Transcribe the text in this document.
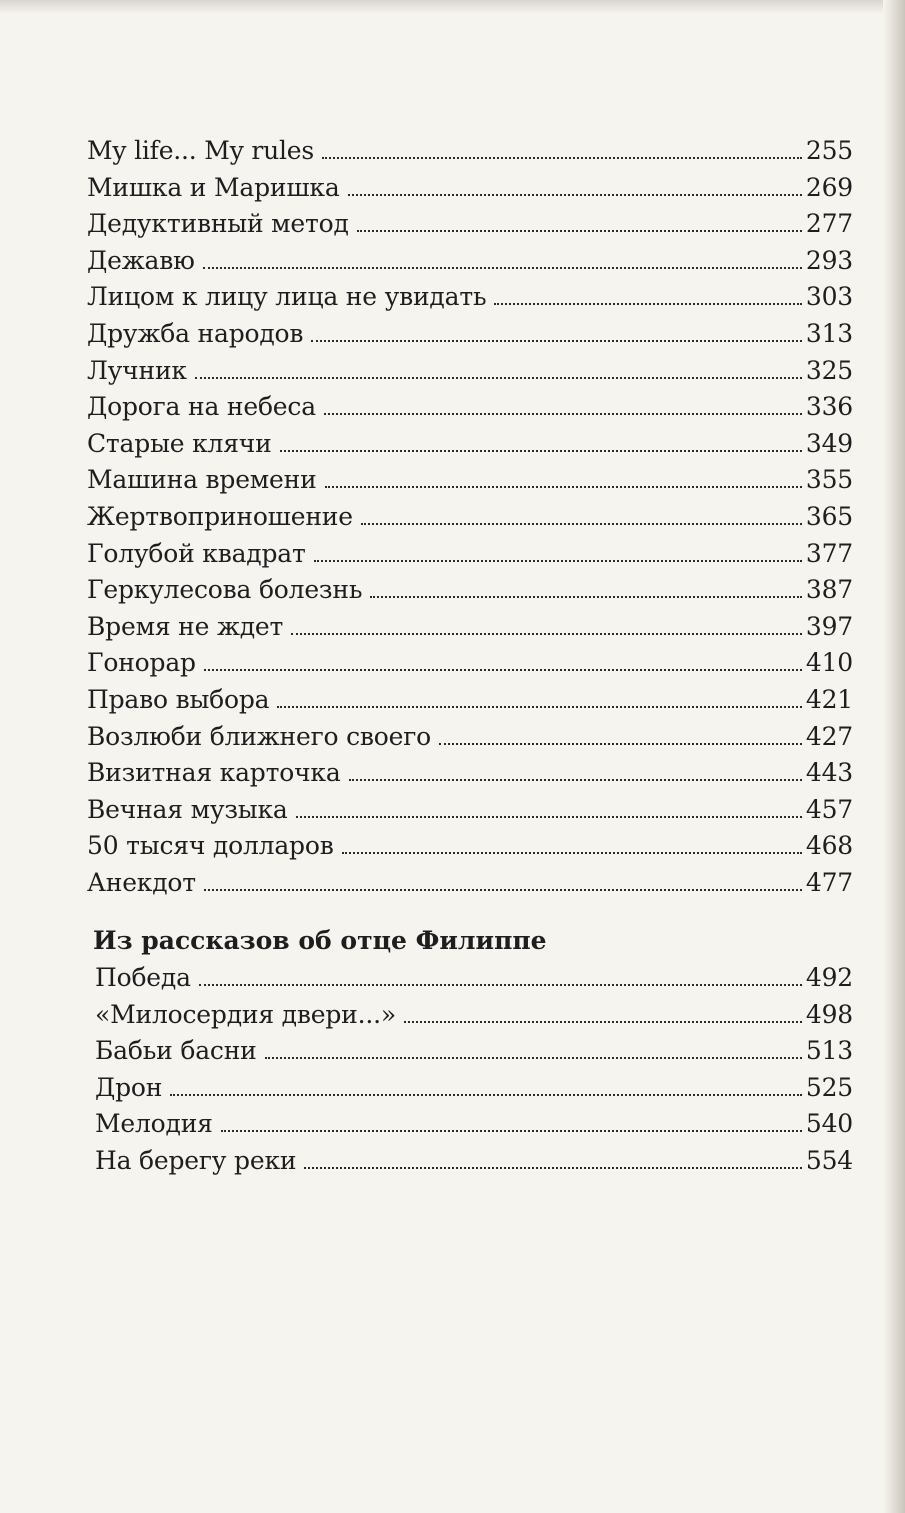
My life... My rules	255
Мишка и Маришка	269
Дедуктивный метод	277
Дежавю	293
Лицом к лицу лица не увидать	303
Дружба народов	313
Лучник	325
Дорога на небеса	336
Старые клячи	349
Машина времени	355
Жертвоприношение	365
Голубой квадрат	377
Геркулесова болезнь	387
Время не ждет	397
Гонорар	410
Право выбора	421
Возлюби ближнего своего	427
Визитная карточка	443
Вечная музыка	457
50 тысяч долларов	468
Анекдот	477
Из рассказов об отце Филиппе
Победа	492
«Милосердия двери...»	498
Бабьи басни	513
Дрон	525
Мелодия	540
На берегу реки	554
